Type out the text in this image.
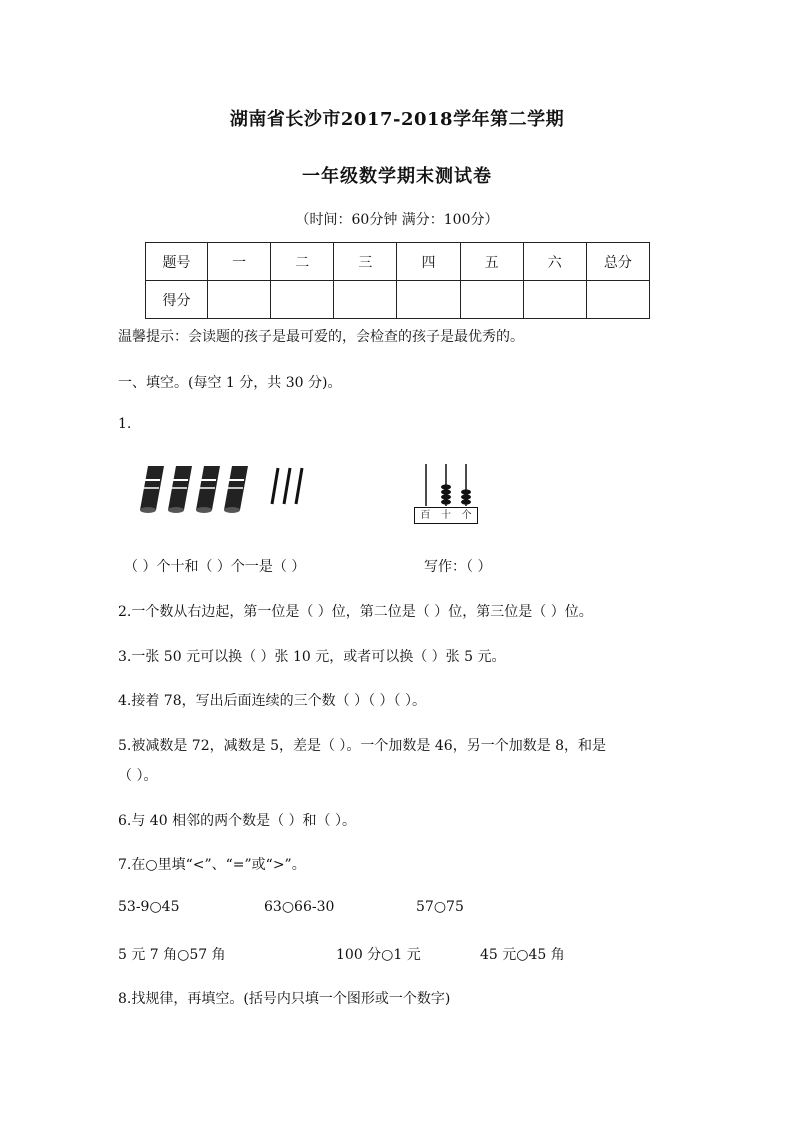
湖南省长沙市2017-2018学年第二学期
一年级数学期末测试卷
（时间：60分钟 满分：100分）
题号	一	二	三	四	五	六	总分
得分							
温馨提示：会读题的孩子是最可爱的，会检查的孩子是最优秀的。
一、填空。(每空 1 分，共 30 分)。
1.
百 十 个
（ ）个十和（ ）个一是（ ）	写作：（ ）
2.一个数从右边起，第一位是（ ）位，第二位是（ ）位，第三位是（ ）位。
3.一张 50 元可以换（ ）张 10 元，或者可以换（ ）张 5 元。
4.接着 78，写出后面连续的三个数（ ）（ ）（ ）。
5.被减数是 72，减数是 5，差是（ ）。一个加数是 46，另一个加数是 8，和是
（ ）。
6.与 40 相邻的两个数是（ ）和（ ）。
7.在○里填“<”、“=”或“>”。
53-9○45	63○66-30	57○75
5 元 7 角○57 角	100 分○1 元	45 元○45 角
8.找规律，再填空。(括号内只填一个图形或一个数字)
